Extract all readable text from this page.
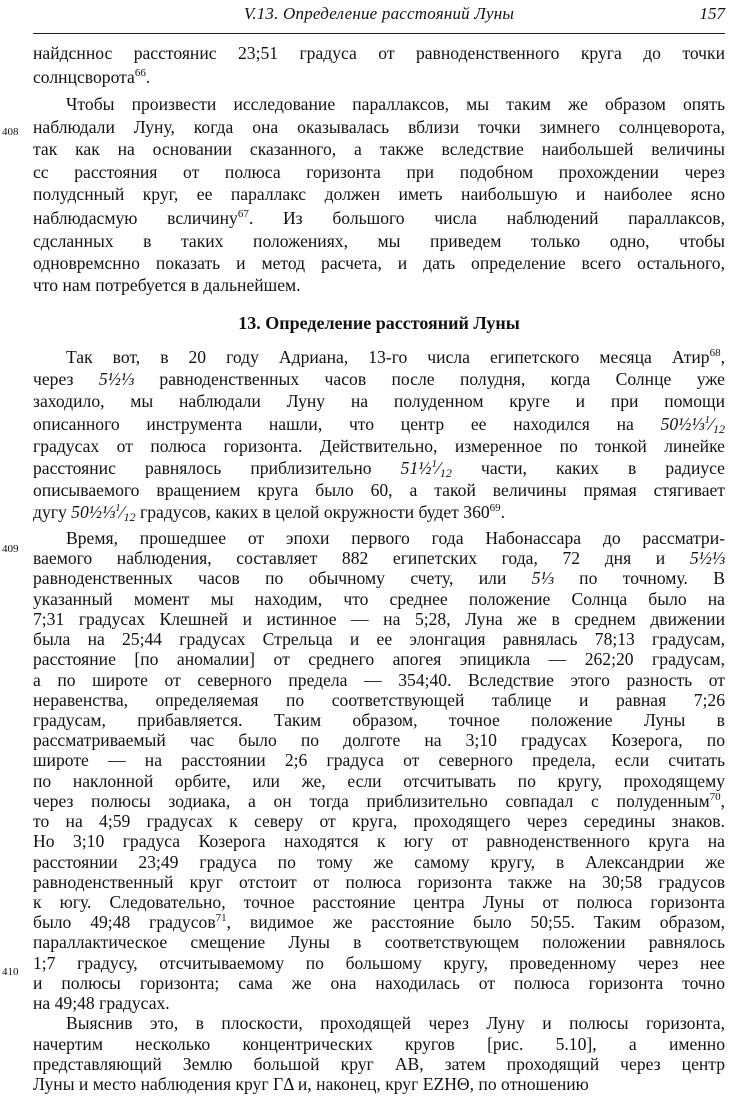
V.13. Определение расстояний Луны	157
408
409
410
13. Определение расстояний Луны
найдсннос расстоянис 23;51 градуса от равноденственного круга до точки
солнцсворота$^{66}$.
Чтобы произвести исследование параллаксов, мы таким же образом опять
наблюдали Луну, когда она оказывалась вблизи точки зимнего солнцеворота,
так как на основании сказанного, а также вследствие наибольшей величины
сс расстояния от полюса горизонта при подобном прохождении через
полудснный круг, ее параллакс должен иметь наибольшую и наиболее ясно
наблюдасмую всличину$^{67}$. Из большого числа наблюдений параллаксов,
сдсланных в таких положениях, мы приведем только одно, чтобы
одновремснно показать и метод расчета, и дать определение всего остального,
что нам потребуется в дальнейшем.
Так вот, в 20 году Адриана, 13-го числа египетского месяца Атир$^{68}$,
через 5½⅓ равноденственных часов после полудня, когда Солнце уже
заходило, мы наблюдали Луну на полуденном круге и при помощи
описанного инструмента нашли, что центр ее находился на $50\frac{1}{2}\frac{1}{3}^1⁄_{12}$
градусах от полюса горизонта. Действительно, измеренное по тонкой линейке
расстоянис равнялось приблизительно $51\frac{1}{2}^1⁄_{12}$ части, каких в радиусе
описываемого вращением круга было 60, а такой величины прямая стягивает
дугу $50\frac{1}{2}\frac{1}{3}^1⁄_{12}$ градусов, каких в целой окружности будет $360^{69}$.
Время, прошедшее от эпохи первого года Набонассара до рассматри-
ваемого наблюдения, составляет 882 египетских года, 72 дня и 5½⅓
равноденственных часов по обычному счету, или 5⅓ по точному. В
указанный момент мы находим, что среднее положение Солнца было на
7;31 градусах Клешней и истинное — на 5;28, Луна же в среднем движении
была на 25;44 градусах Стрельца и ее элонгация равнялась 78;13 градусам,
расстояние [по аномалии] от среднего апогея эпицикла — 262;20 градусам,
а по широте от северного предела — 354;40. Вследствие этого разность от
неравенства, определяемая по соответствующей таблице и равная 7;26
градусам, прибавляется. Таким образом, точное положение Луны в
рассматриваемый час было по долготе на 3;10 градусах Козерога, по
широте — на расстоянии 2;6 градуса от северного предела, если считать
по наклонной орбите, или же, если отсчитывать по кругу, проходящему
через полюсы зодиака, а он тогда приблизительно совпадал с полуденным$^{70}$,
то на 4;59 градусах к северу от круга, проходящего через середины знаков.
Но 3;10 градуса Козерога находятся к югу от равноденственного круга на
расстоянии 23;49 градуса по тому же самому кругу, в Александрии же
равноденственный круг отстоит от полюса горизонта также на 30;58 градусов
к югу. Следовательно, точное расстояние центра Луны от полюса горизонта
было 49;48 градусов$^{71}$, видимое же расстояние было 50;55. Таким образом,
параллактическое смещение Луны в соответствующем положении равнялось
1;7 градусу, отсчитываемому по большому кругу, проведенному через нее
и полюсы горизонта; сама же она находилась от полюса горизонта точно
на 49;48 градусах.
Выяснив это, в плоскости, проходящей через Луну и полюсы горизонта,
начертим несколько концентрических кругов [рис. 5.10], а именно
представляющий Землю большой круг АВ, затем проходящий через центр
Луны и место наблюдения круг ГΔ и, наконец, круг EZHΘ, по отношению
